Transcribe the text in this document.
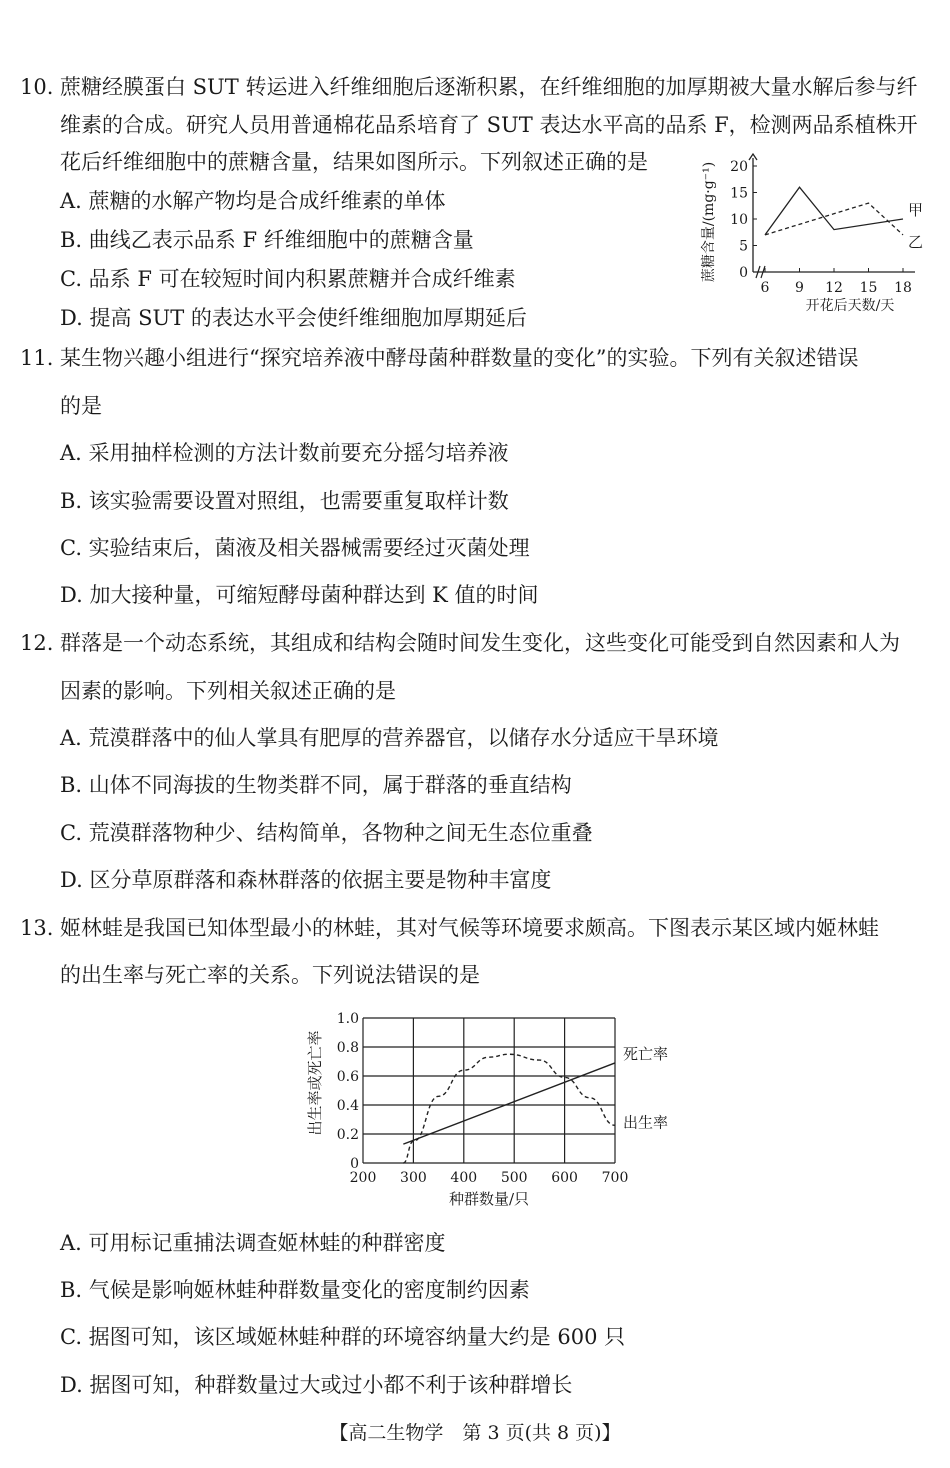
10. 蔗糖经膜蛋白 SUT 转运进入纤维细胞后逐渐积累，在纤维细胞的加厚期被大量水解后参与纤
维素的合成。研究人员用普通棉花品系培育了 SUT 表达水平高的品系 F，检测两品系植株开
花后纤维细胞中的蔗糖含量，结果如图所示。下列叙述正确的是
A. 蔗糖的水解产物均是合成纤维素的单体
B. 曲线乙表示品系 F 纤维细胞中的蔗糖含量
C. 品系 F 可在较短时间内积累蔗糖并合成纤维素
D. 提高 SUT 的表达水平会使纤维细胞加厚期延后
蔗糖含量/(mg·g⁻¹) 0
5
10
15
20
6 9 12 15 18
甲
乙
开花后天数/天
11. 某生物兴趣小组进行“探究培养液中酵母菌种群数量的变化”的实验。下列有关叙述错误
的是
A. 采用抽样检测的方法计数前要充分摇匀培养液
B. 该实验需要设置对照组，也需要重复取样计数
C. 实验结束后，菌液及相关器械需要经过灭菌处理
D. 加大接种量，可缩短酵母菌种群达到 K 值的时间
12. 群落是一个动态系统，其组成和结构会随时间发生变化，这些变化可能受到自然因素和人为
因素的影响。下列相关叙述正确的是
A. 荒漠群落中的仙人掌具有肥厚的营养器官，以储存水分适应干旱环境
B. 山体不同海拔的生物类群不同，属于群落的垂直结构
C. 荒漠群落物种少、结构简单，各物种之间无生态位重叠
D. 区分草原群落和森林群落的依据主要是物种丰富度
13. 姬林蛙是我国已知体型最小的林蛙，其对气候等环境要求颇高。下图表示某区域内姬林蛙
的出生率与死亡率的关系。下列说法错误的是
出生率或死亡率
0
0.2
0.4
0.6
0.8
1.0
200 300 400 500 600 700
死亡率
出生率
种群数量/只
A. 可用标记重捕法调查姬林蛙的种群密度
B. 气候是影响姬林蛙种群数量变化的密度制约因素
C. 据图可知，该区域姬林蛙种群的环境容纳量大约是 600 只
D. 据图可知，种群数量过大或过小都不利于该种群增长
【高二生物学　第 3 页(共 8 页)】
